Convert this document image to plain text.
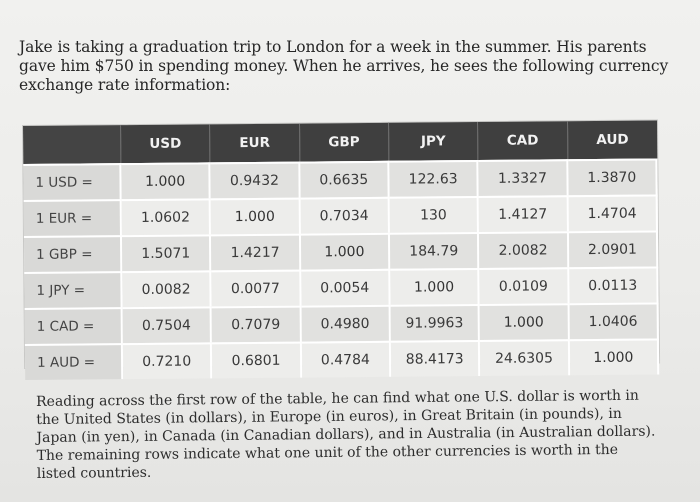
Jake is taking a graduation trip to London for a week in the summer. His parents gave him $750 in spending money. When he arrives, he sees the following currency exchange rate information:

	USD	EUR	GBP	JPY	CAD	AUD
1 USD =	1.000	0.9432	0.6635	122.63	1.3327	1.3870
1 EUR =	1.0602	1.000	0.7034	130	1.4127	1.4704
1 GBP =	1.5071	1.4217	1.000	184.79	2.0082	2.0901
1 JPY =	0.0082	0.0077	0.0054	1.000	0.0109	0.0113
1 CAD =	0.7504	0.7079	0.4980	91.9963	1.000	1.0406
1 AUD =	0.7210	0.6801	0.4784	88.4173	24.6305	1.000

Reading across the first row of the table, he can find what one U.S. dollar is worth in the United States (in dollars), in Europe (in euros), in Great Britain (in pounds), in Japan (in yen), in Canada (in Canadian dollars), and in Australia (in Australian dollars). The remaining rows indicate what one unit of the other currencies is worth in the listed countries.
